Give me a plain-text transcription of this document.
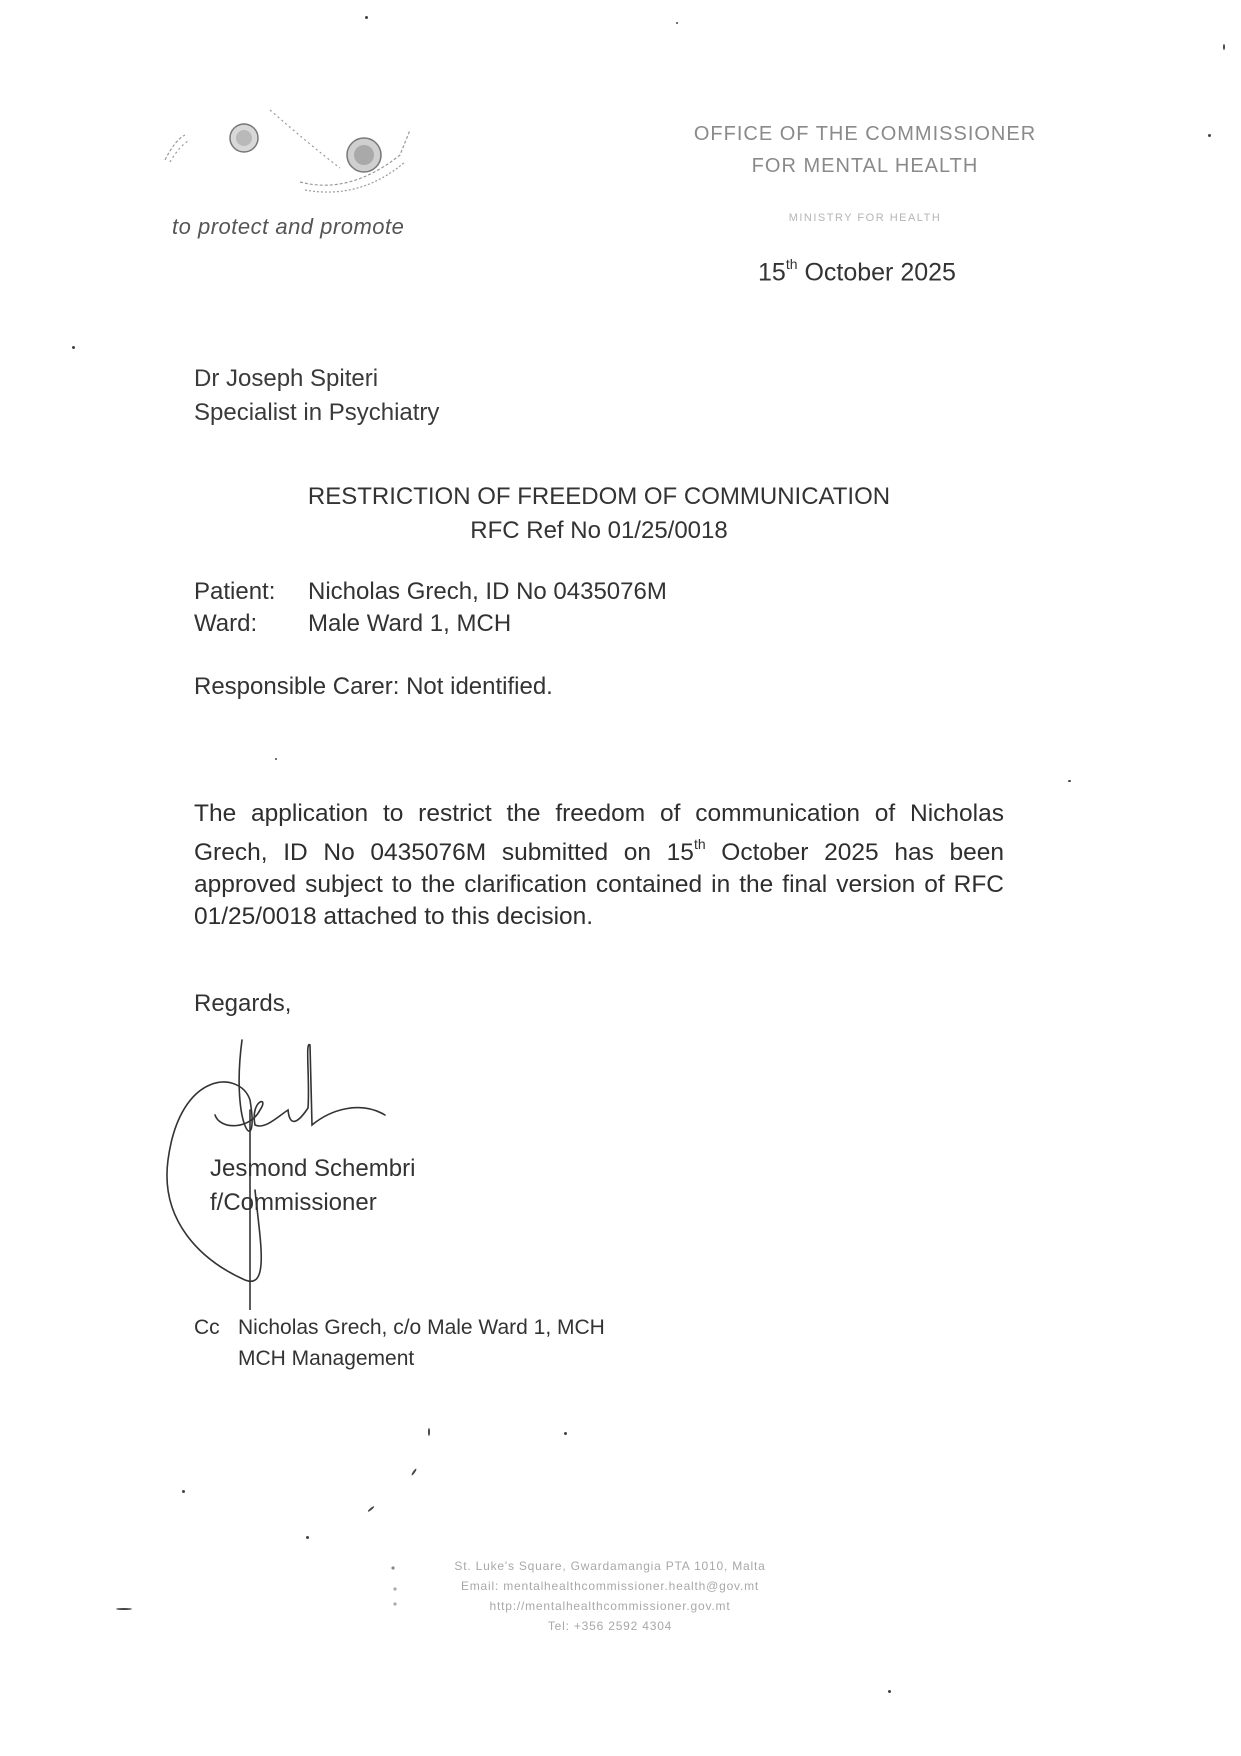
to protect and promote
OFFICE OF THE COMMISSIONER
FOR MENTAL HEALTH
MINISTRY FOR HEALTH
15th October 2025
Dr Joseph Spiteri
Specialist in Psychiatry
RESTRICTION OF FREEDOM OF COMMUNICATION
RFC Ref No 01/25/0018
Patient:	Nicholas Grech, ID No 0435076M
Ward:	Male Ward 1, MCH
Responsible Carer: Not identified.
The application to restrict the freedom of communication of Nicholas Grech, ID No 0435076M submitted on 15th October 2025 has been approved subject to the clarification contained in the final version of RFC 01/25/0018 attached to this decision.
Regards,
Jesmond Schembri
f/Commissioner
Cc Nicholas Grech, c/o Male Ward 1, MCH
MCH Management
St. Luke's Square, Gwardamangia PTA 1010, Malta
Email: mentalhealthcommissioner.health@gov.mt
http://mentalhealthcommissioner.gov.mt
Tel: +356 2592 4304
